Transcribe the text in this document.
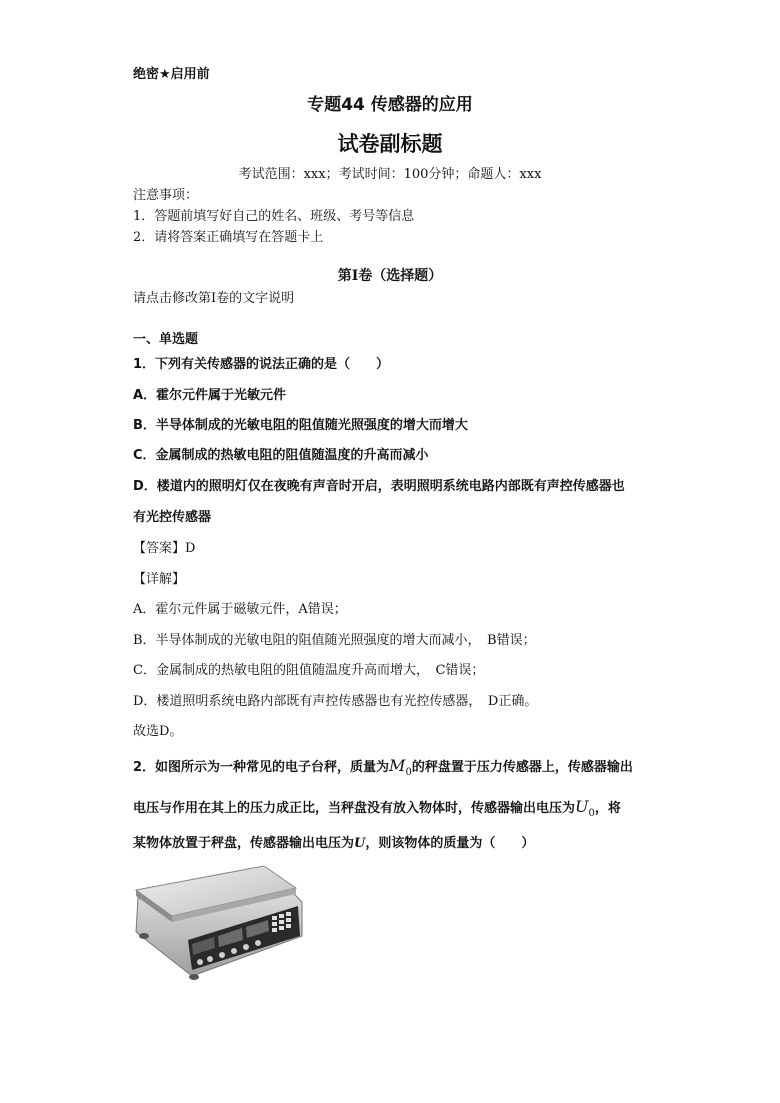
绝密★启用前
专题44 传感器的应用
试卷副标题
考试范围：xxx；考试时间：100分钟；命题人：xxx
注意事项：
1．答题前填写好自己的姓名、班级、考号等信息
2．请将答案正确填写在答题卡上
第I卷（选择题）
请点击修改第I卷的文字说明
一、单选题
1．下列有关传感器的说法正确的是（　　）
A．霍尔元件属于光敏元件
B．半导体制成的光敏电阻的阻值随光照强度的增大而增大
C．金属制成的热敏电阻的阻值随温度的升高而减小
D．楼道内的照明灯仅在夜晚有声音时开启，表明照明系统电路内部既有声控传感器也
有光控传感器
【答案】D
【详解】
A．霍尔元件属于磁敏元件，A错误；
B．半导体制成的光敏电阻的阻值随光照强度的增大而减小，　B错误；
C．金属制成的热敏电阻的阻值随温度升高而增大，　C错误；
D．楼道照明系统电路内部既有声控传感器也有光控传感器，　D正确。
故选D。
2．如图所示为一种常见的电子台秤，质量为$M_0$的秤盘置于压力传感器上，传感器输出
电压与作用在其上的压力成正比，当秤盘没有放入物体时，传感器输出电压为$U_0$，将
某物体放置于秤盘，传感器输出电压为U，则该物体的质量为（　　）
